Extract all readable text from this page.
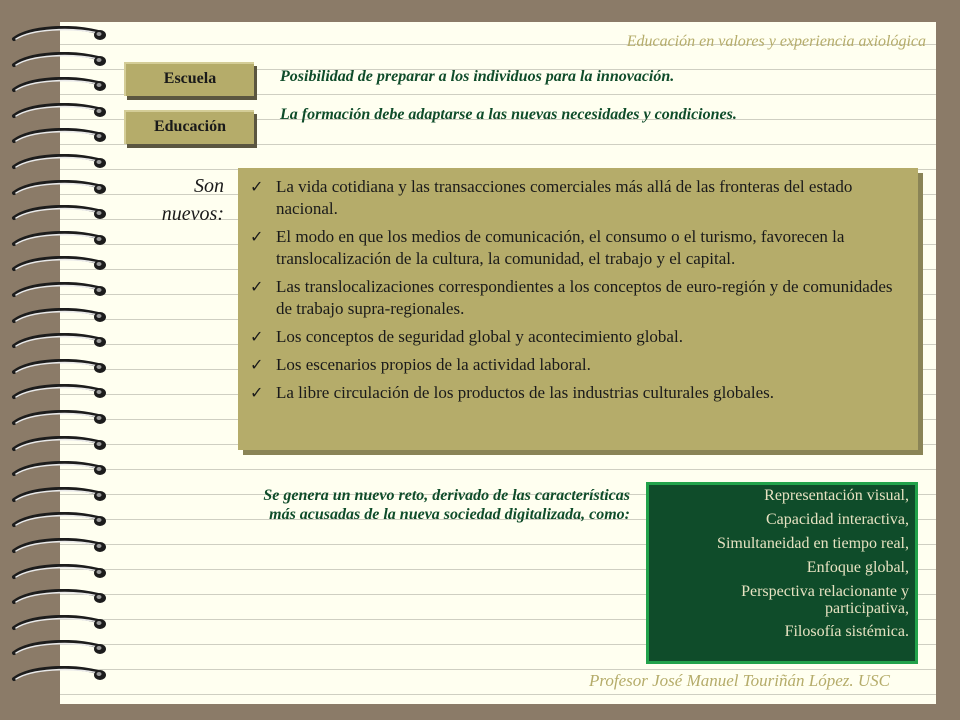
Educación en valores y experiencia axiológica
Escuela	Posibilidad de preparar a los individuos para la innovación.
Educación
La formación debe adaptarse a las nuevas necesidades y condiciones.
Son
nuevos:
✓ La vida cotidiana y las transacciones comerciales más allá de las fronteras del estado nacional.
✓ El modo en que los medios de comunicación, el consumo o el turismo, favorecen la translocalización de la cultura, la comunidad, el trabajo y el capital.
✓ Las translocalizaciones correspondientes a los conceptos de euro-región y de comunidades de trabajo supra-regionales.
✓ Los conceptos de seguridad global y acontecimiento global.
✓ Los escenarios propios de la actividad laboral.
✓ La libre circulación de los productos de las industrias culturales globales.
Se genera un nuevo reto, derivado de las características
más acusadas de la nueva sociedad digitalizada, como:
Representación visual,
Capacidad interactiva,
Simultaneidad en tiempo real,
Enfoque global,
Perspectiva relacionante y participativa,
Filosofía sistémica.
Profesor José Manuel Touriñán López. USC
